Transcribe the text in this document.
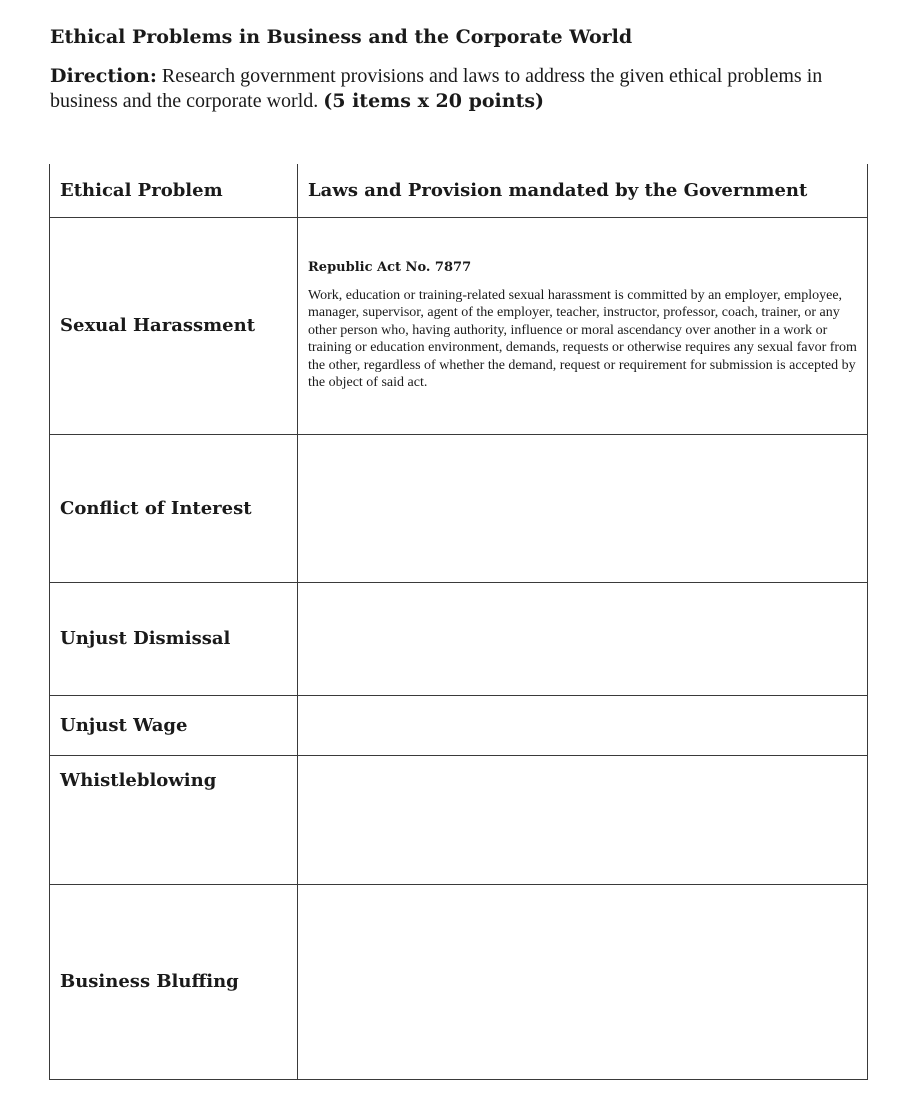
Ethical Problems in Business and the Corporate World
Direction: Research government provisions and laws to address the given ethical problems in business and the corporate world. (5 items x 20 points)
Ethical Problem	Laws and Provision mandated by the Government
Sexual Harassment	Republic Act No. 7877
Work, education or training-related sexual harassment is committed by an employer, employee, manager, supervisor, agent of the employer, teacher, instructor, professor, coach, trainer, or any other person who, having authority, influence or moral ascendancy over another in a work or training or education environment, demands, requests or otherwise requires any sexual favor from the other, regardless of whether the demand, request or requirement for submission is accepted by the object of said act.

Conflict of Interest	
Unjust Dismissal	
Unjust Wage	
Whistleblowing	
Business Bluffing	
